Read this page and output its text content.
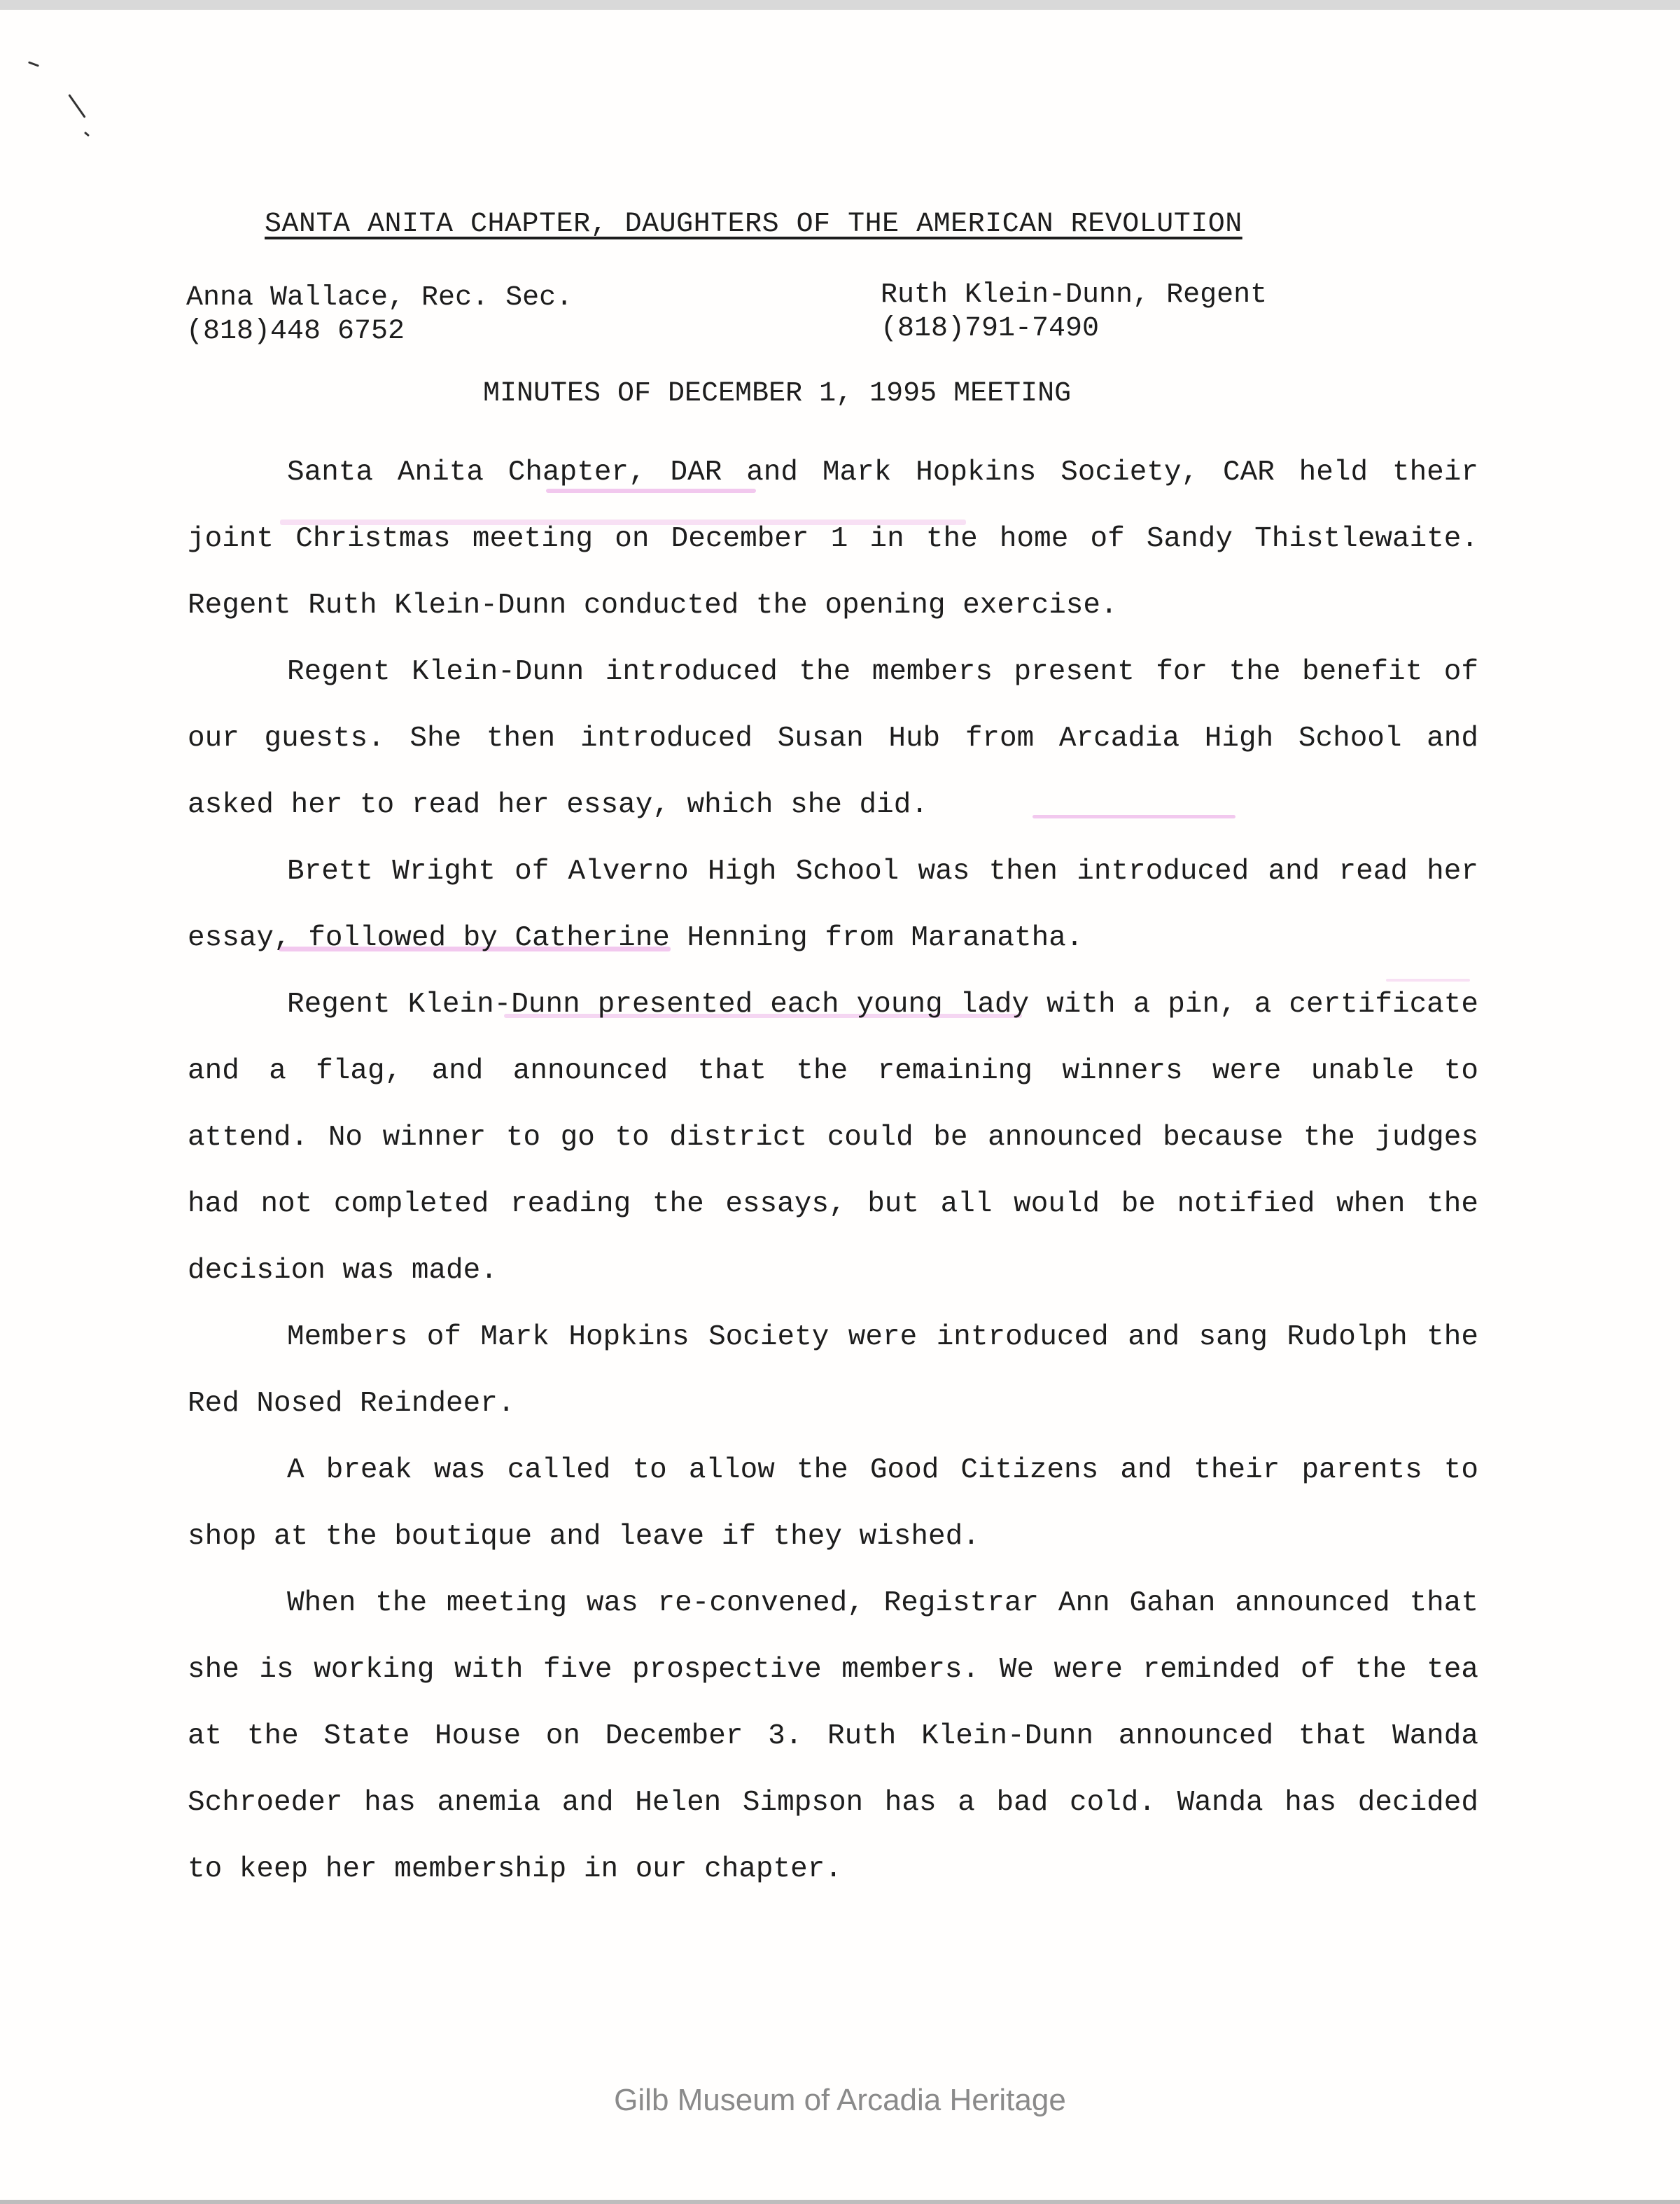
SANTA ANITA CHAPTER, DAUGHTERS OF THE AMERICAN REVOLUTION
Anna Wallace, Rec. Sec.
(818)448 6752
Ruth Klein-Dunn, Regent
(818)791-7490
MINUTES OF DECEMBER 1, 1995 MEETING

Santa Anita Chapter, DAR and Mark Hopkins Society, CAR held their joint Christmas meeting on December 1 in the home of Sandy Thistlewaite. Regent Ruth Klein-Dunn conducted the opening exercise.

Regent Klein-Dunn introduced the members present for the benefit of our guests. She then introduced Susan Hub from Arcadia High School and asked her to read her essay, which she did.

Brett Wright of Alverno High School was then introduced and read her essay, followed by Catherine Henning from Maranatha.

Regent Klein-Dunn presented each young lady with a pin, a certificate and a flag, and announced that the remaining winners were unable to attend. No winner to go to district could be announced because the judges had not completed reading the essays, but all would be notified when the decision was made.

Members of Mark Hopkins Society were introduced and sang Rudolph the Red Nosed Reindeer.

A break was called to allow the Good Citizens and their parents to shop at the boutique and leave if they wished.

When the meeting was re-convened, Registrar Ann Gahan announced that she is working with five prospective members. We were reminded of the tea at the State House on December 3. Ruth Klein-Dunn announced that Wanda Schroeder has anemia and Helen Simpson has a bad cold. Wanda has decided to keep her membership in our chapter.

Gilb Museum of Arcadia Heritage
